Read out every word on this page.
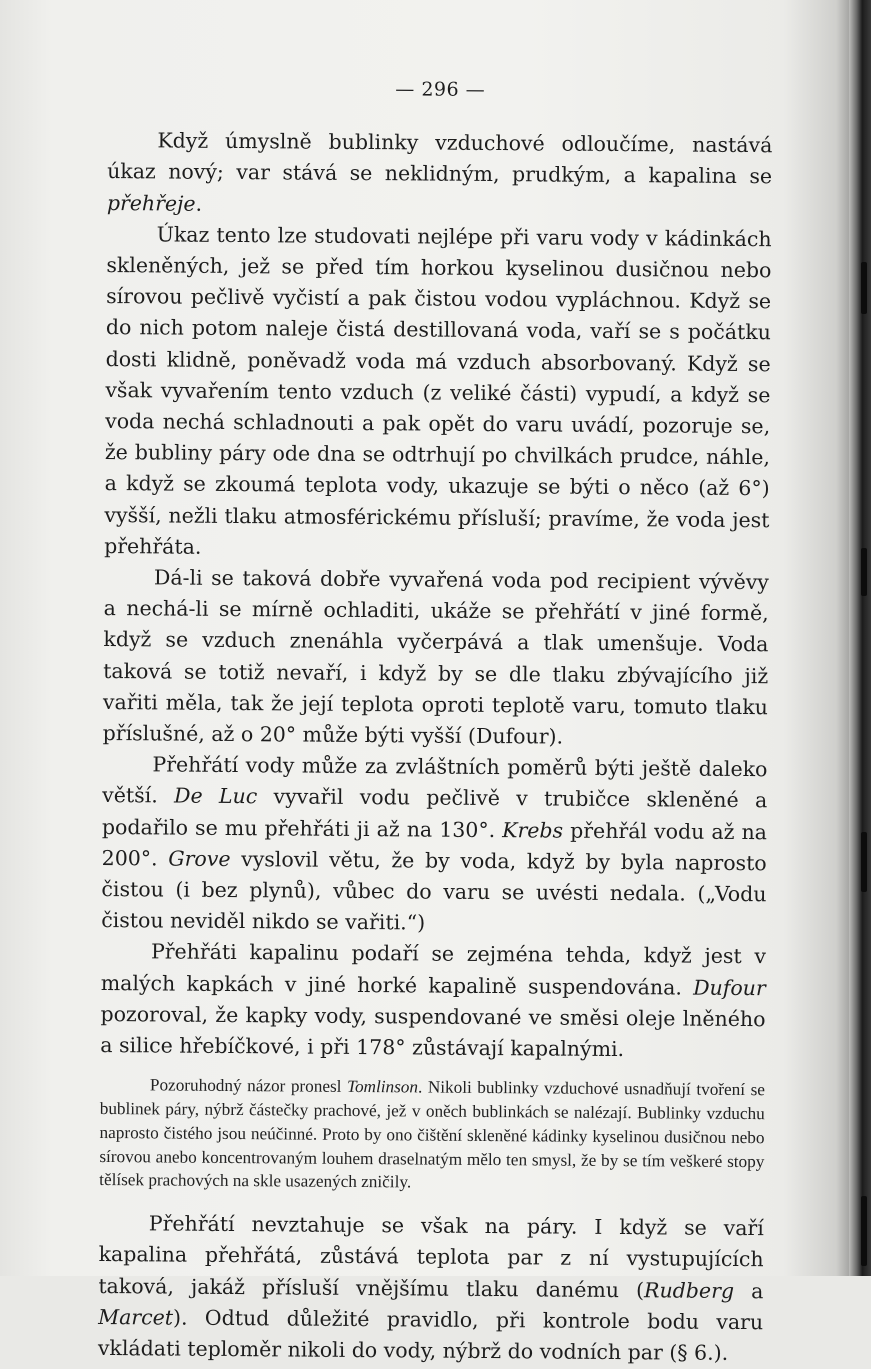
— 296 —

Když úmyslně bublinky vzduchové odloučíme, nastává úkaz nový; var stává se neklidným, prudkým, a kapalina se přehřeje.

Úkaz tento lze studovati nejlépe při varu vody v kádinkách skleněných, jež se před tím horkou kyselinou dusičnou nebo sírovou pečlivě vyčistí a pak čistou vodou vypláchnou. Když se do nich potom naleje čistá destillovaná voda, vaří se s počátku dosti klidně, poněvadž voda má vzduch absorbovaný. Když se však vyvařením tento vzduch (z veliké části) vypudí, a když se voda nechá schladnouti a pak opět do varu uvádí, pozoruje se, že bubliny páry ode dna se odtrhují po chvilkách prudce, náhle, a když se zkoumá teplota vody, ukazuje se býti o něco (až 6°) vyšší, nežli tlaku atmosférickému přísluší; pravíme, že voda jest přehřáta.

Dá-li se taková dobře vyvařená voda pod recipient vývěvy a nechá-li se mírně ochladiti, ukáže se přehřátí v jiné formě, když se vzduch znenáhla vyčerpává a tlak umenšuje. Voda taková se totiž nevaří, i když by se dle tlaku zbývajícího již vařiti měla, tak že její teplota oproti teplotě varu, tomuto tlaku příslušné, až o 20° může býti vyšší (Dufour).

Přehřátí vody může za zvláštních poměrů býti ještě daleko větší. De Luc vyvařil vodu pečlivě v trubičce skleněné a podařilo se mu přehřáti ji až na 130°. Krebs přehřál vodu až na 200°. Grove vyslovil větu, že by voda, když by byla naprosto čistou (i bez plynů), vůbec do varu se uvésti nedala. („Vodu čistou neviděl nikdo se vařiti.“)

Přehřáti kapalinu podaří se zejména tehda, když jest v malých kapkách v jiné horké kapalině suspendována. Dufour pozoroval, že kapky vody, suspendované ve směsi oleje lněného a silice hřebíčkové, i při 178° zůstávají kapalnými.

Pozoruhodný názor pronesl Tomlinson. Nikoli bublinky vzduchové usnadňují tvoření se bublinek páry, nýbrž částečky prachové, jež v oněch bublinkách se nalézají. Bublinky vzduchu naprosto čistého jsou neúčinné. Proto by ono čištění skleněné kádinky kyselinou dusičnou nebo sírovou anebo koncentrovaným louhem draselnatým mělo ten smysl, že by se tím veškeré stopy tělísek prachových na skle usazených zničily.

Přehřátí nevztahuje se však na páry. I když se vaří kapalina přehřátá, zůstává teplota par z ní vystupujících taková, jakáž přísluší vnějšímu tlaku danému (Rudberg a Marcet). Odtud důležité pravidlo, při kontrole bodu varu vkládati teploměr nikoli do vody, nýbrž do vodních par (§ 6.).
